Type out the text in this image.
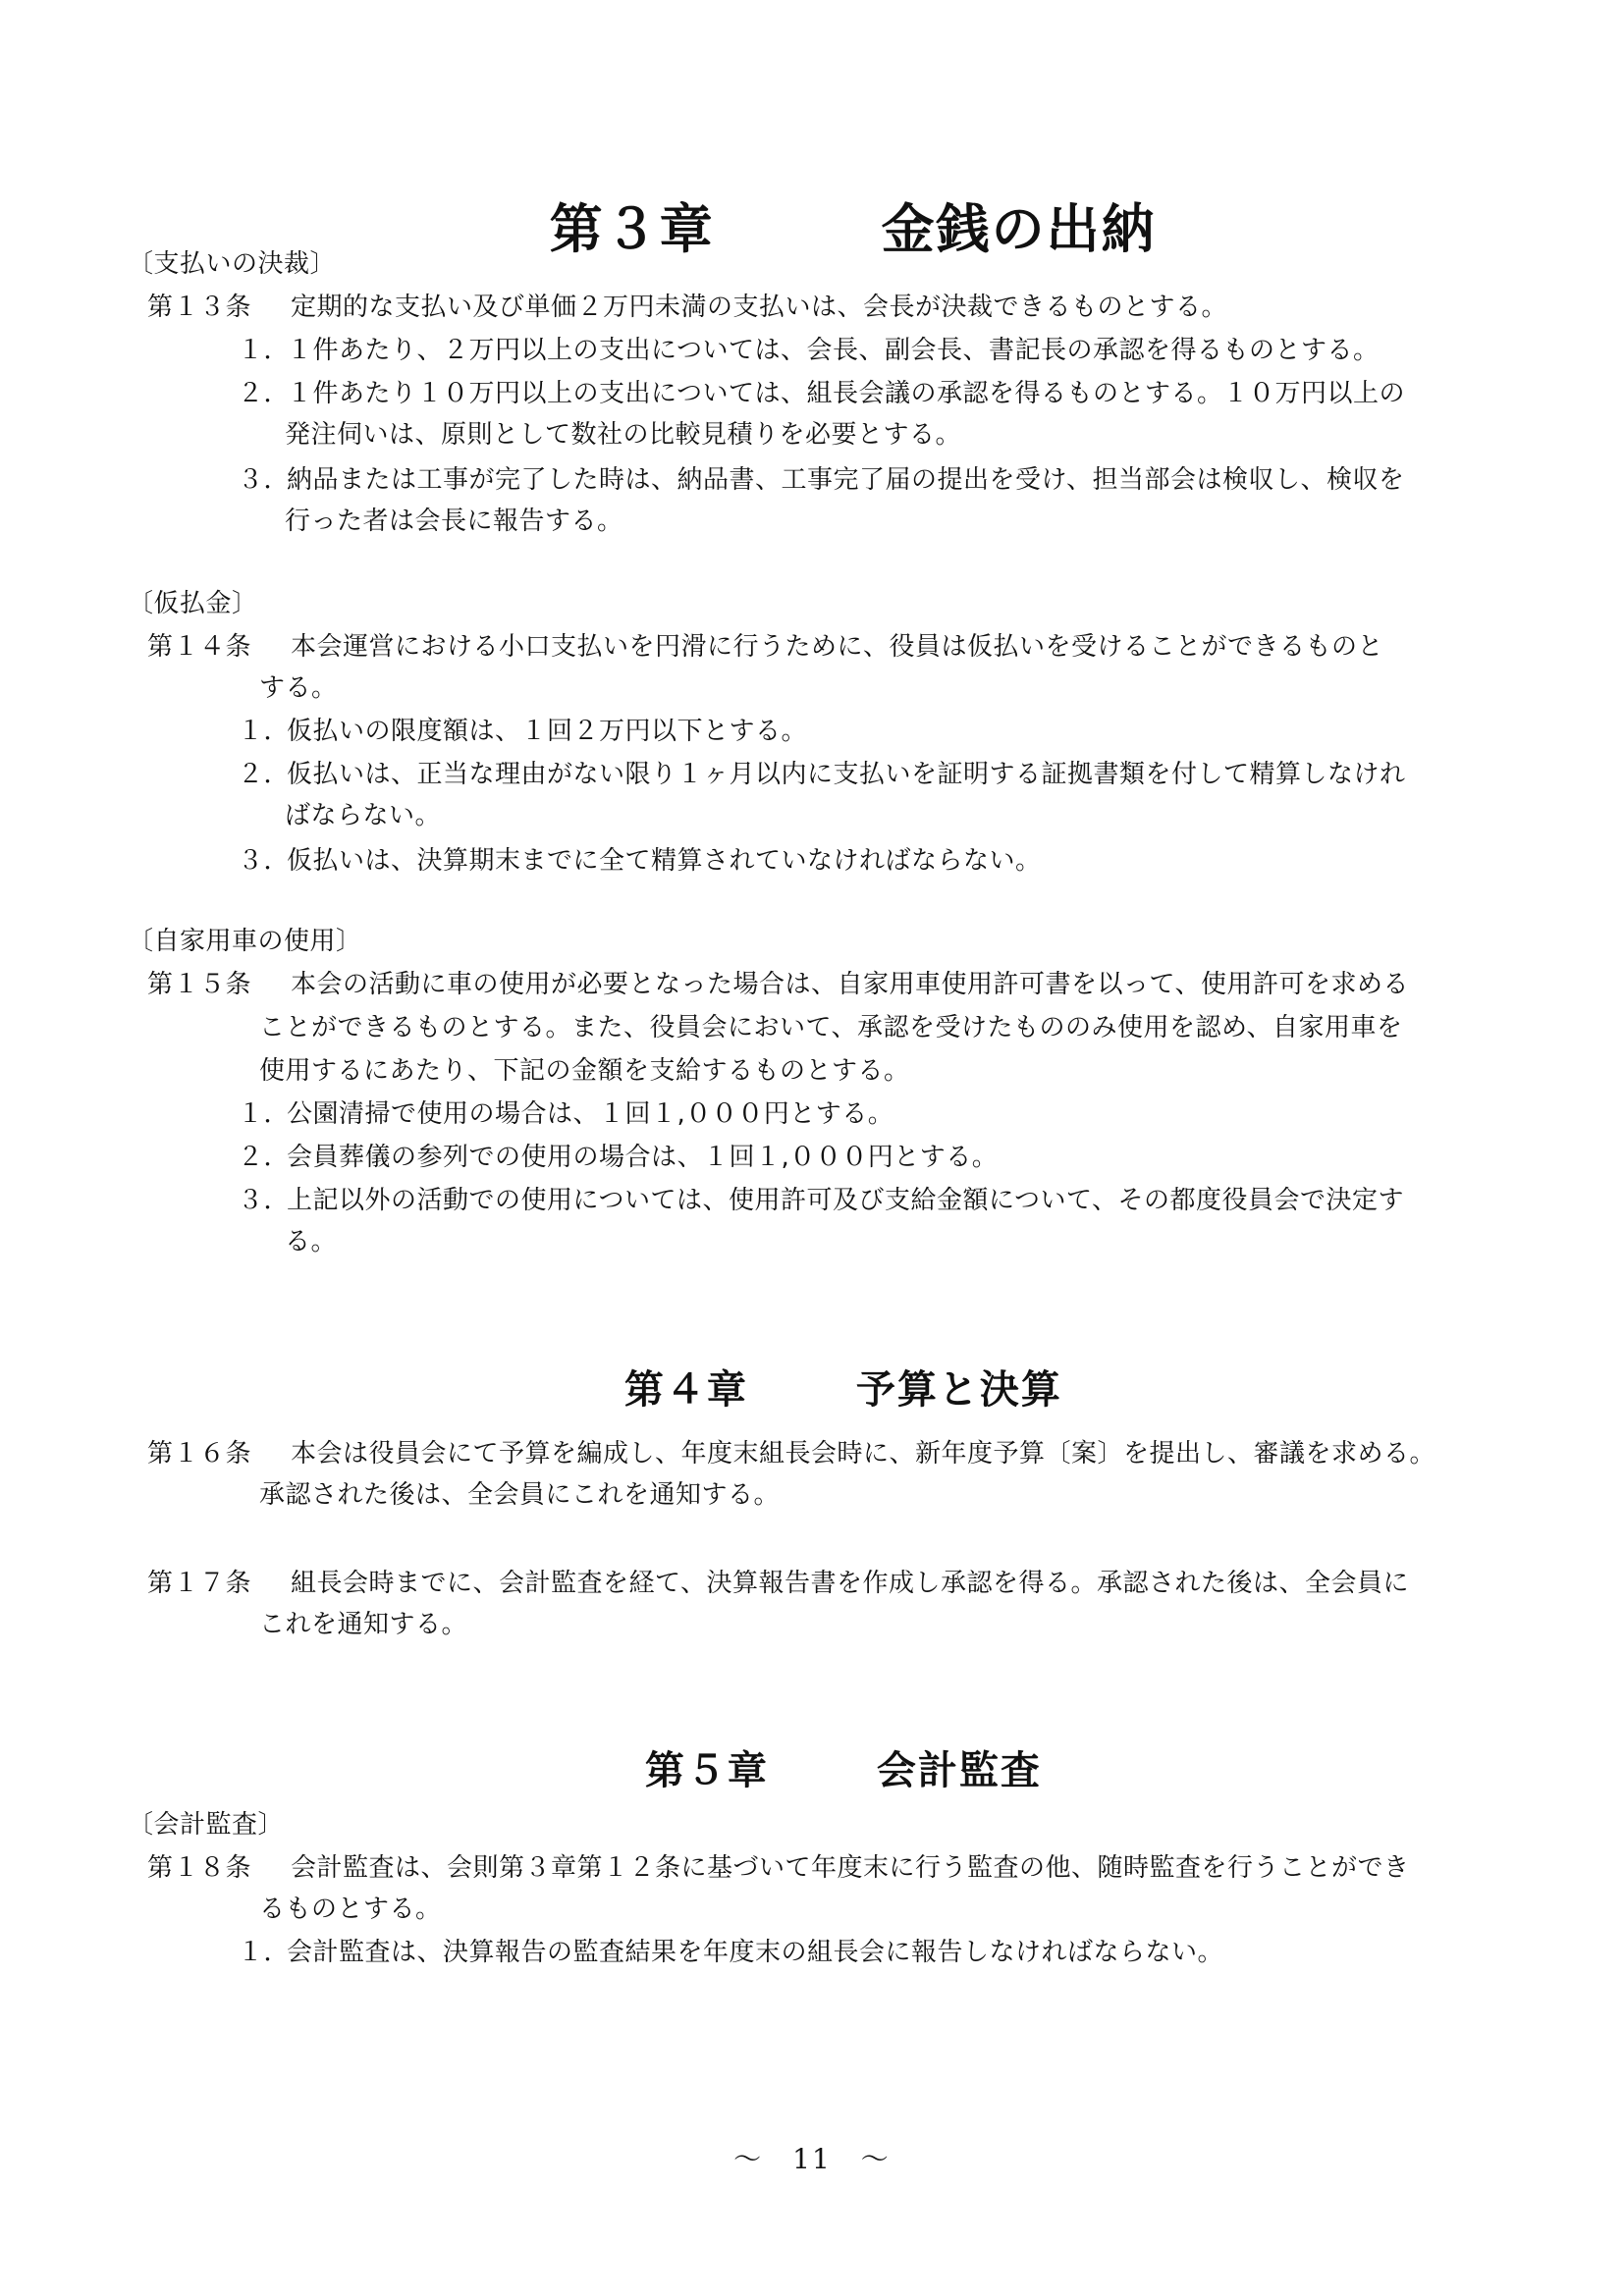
第３章	金銭の出納

〔支払いの決裁〕
第１３条 定期的な支払い及び単価２万円未満の支払いは、会長が決裁できるものとする。
１．１件あたり、２万円以上の支出については、会長、副会長、書記長の承認を得るものとする。
２．１件あたり１０万円以上の支出については、組長会議の承認を得るものとする。１０万円以上の
発注伺いは、原則として数社の比較見積りを必要とする。
３．納品または工事が完了した時は、納品書、工事完了届の提出を受け、担当部会は検収し、検収を
行った者は会長に報告する。
〔仮払金〕
第１４条 本会運営における小口支払いを円滑に行うために、役員は仮払いを受けることができるものと
する。
１．仮払いの限度額は、１回２万円以下とする。
２．仮払いは、正当な理由がない限り１ヶ月以内に支払いを証明する証拠書類を付して精算しなけれ
ばならない。
３．仮払いは、決算期末までに全て精算されていなければならない。
〔自家用車の使用〕
第１５条 本会の活動に車の使用が必要となった場合は、自家用車使用許可書を以って、使用許可を求める
ことができるものとする。また、役員会において、承認を受けたもののみ使用を認め、自家用車を
使用するにあたり、下記の金額を支給するものとする。
１．公園清掃で使用の場合は、１回１,０００円とする。
２．会員葬儀の参列での使用の場合は、１回１,０００円とする。
３．上記以外の活動での使用については、使用許可及び支給金額について、その都度役員会で決定す
る。

第４章	予算と決算

第１６条 本会は役員会にて予算を編成し、年度末組長会時に、新年度予算〔案〕を提出し、審議を求める。
承認された後は、全会員にこれを通知する。
第１７条 組長会時までに、会計監査を経て、決算報告書を作成し承認を得る。承認された後は、全会員に
これを通知する。

第５章	会計監査

〔会計監査〕
第１８条 会計監査は、会則第３章第１２条に基づいて年度末に行う監査の他、随時監査を行うことができ
るものとする。
１．会計監査は、決算報告の監査結果を年度末の組長会に報告しなければならない。
～　11　～
